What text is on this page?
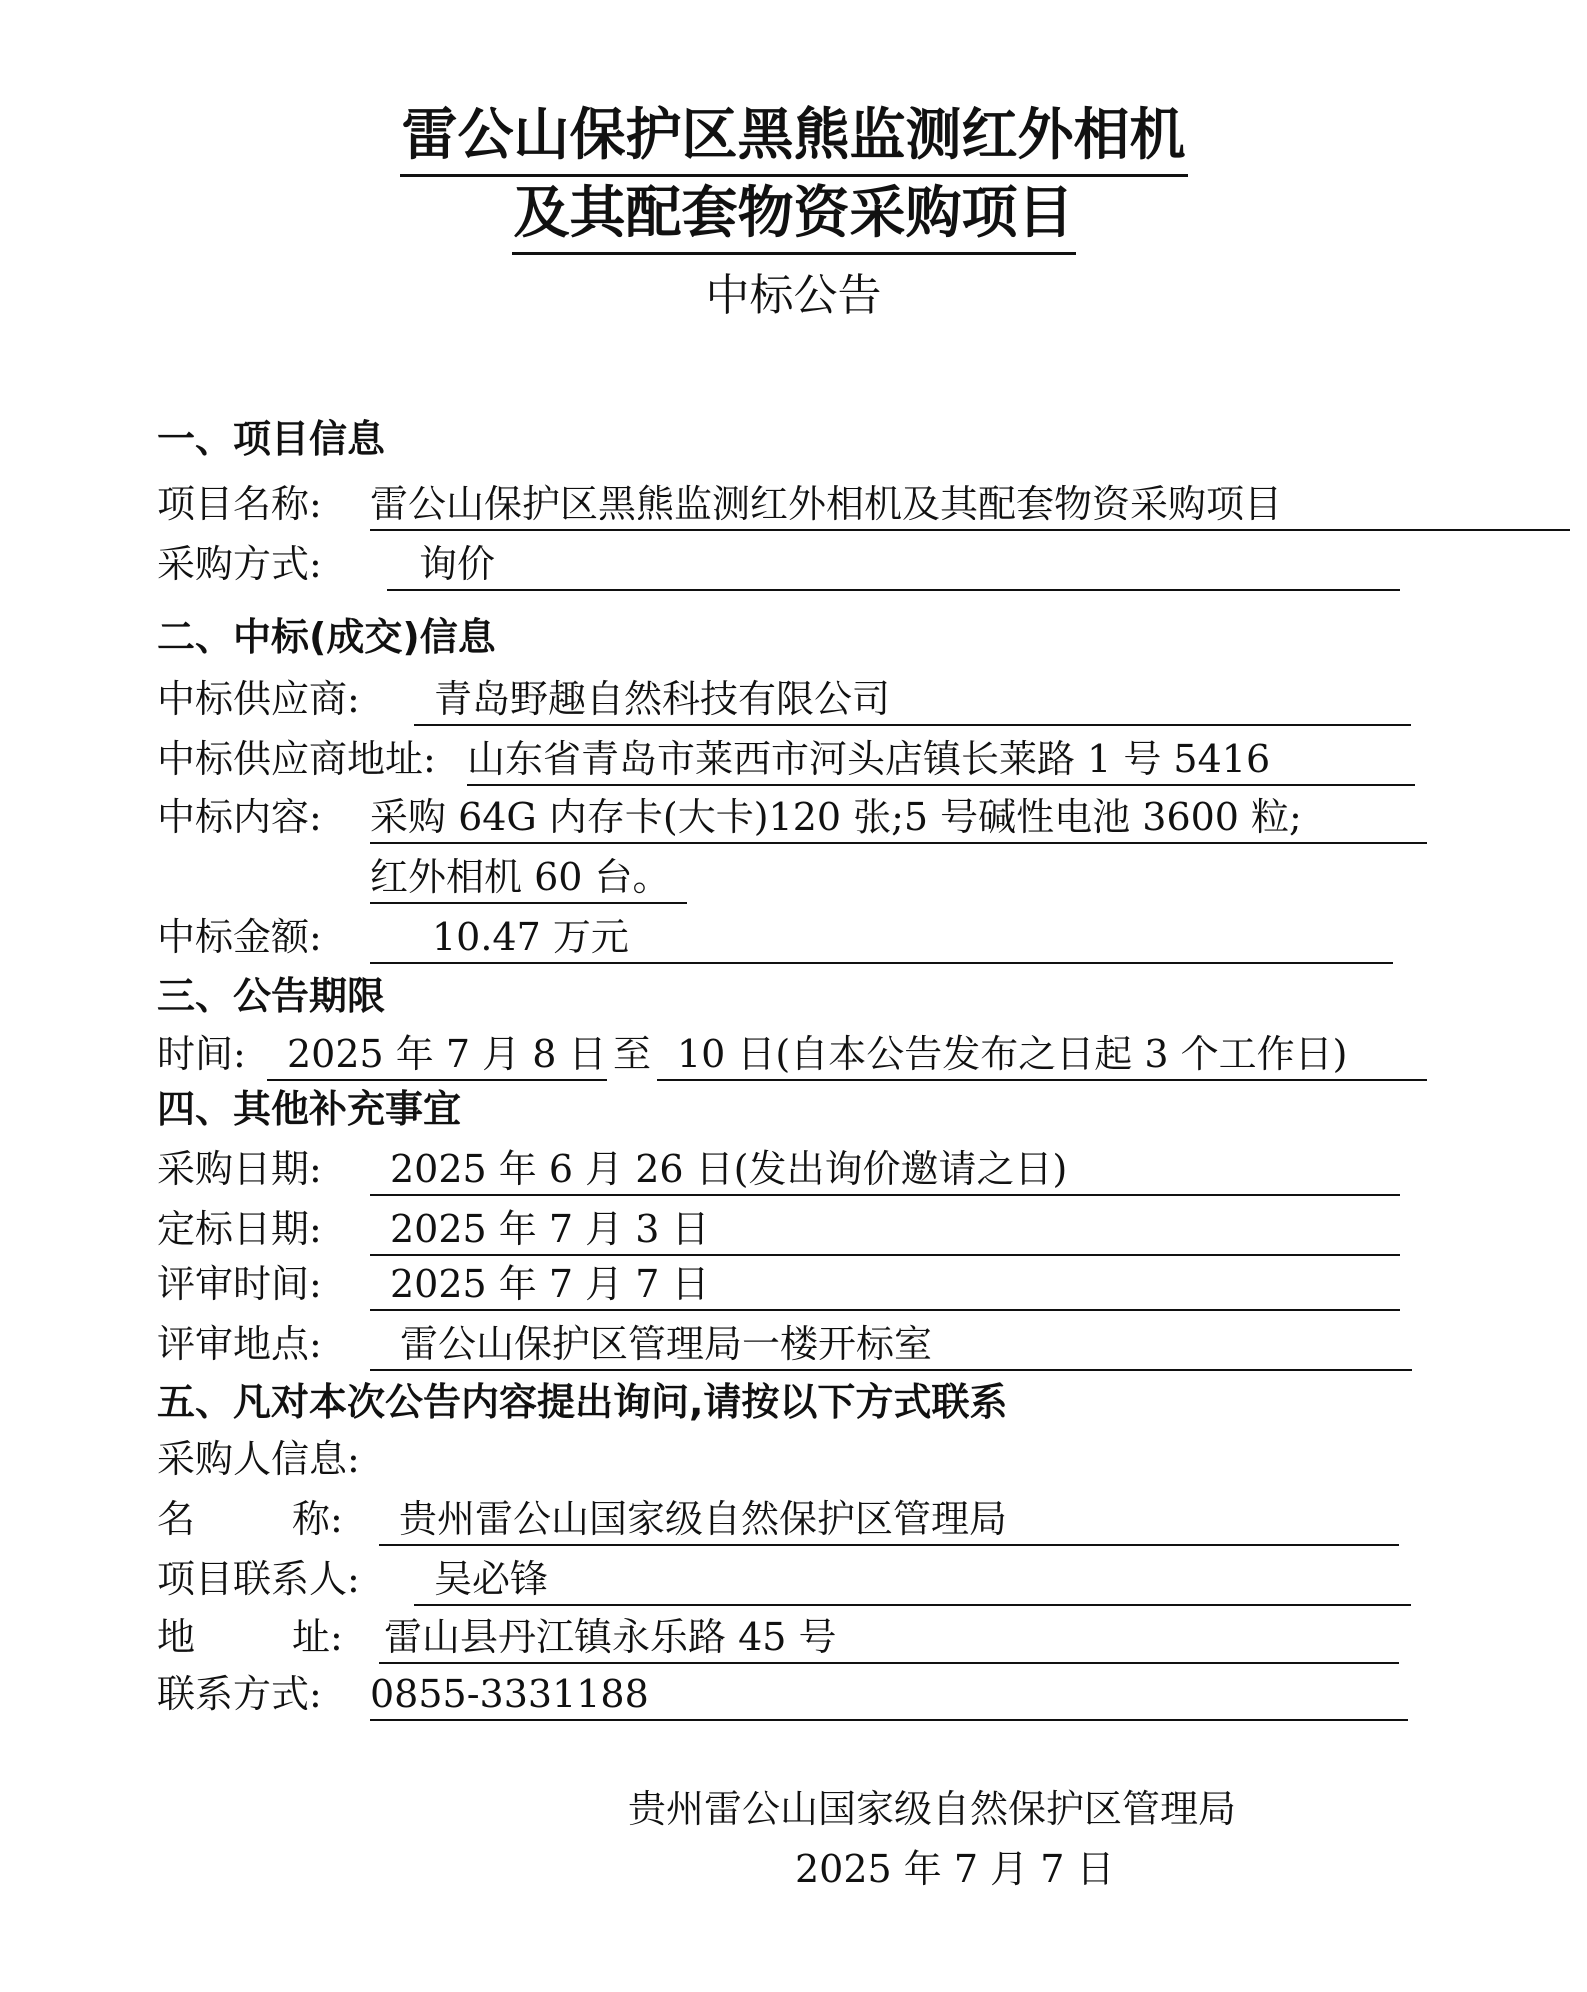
雷公山保护区黑熊监测红外相机
及其配套物资采购项目
中标公告
一、项目信息
项目名称: 雷公山保护区黑熊监测红外相机及其配套物资采购项目
采购方式:	询价
二、中标(成交)信息
中标供应商:	青岛野趣自然科技有限公司
中标供应商地址: 山东省青岛市莱西市河头店镇长莱路 1 号 5416
中标内容: 采购 64G 内存卡(大卡)120 张;5 号碱性电池 3600 粒;
红外相机 60 台。
中标金额:	10.47 万元
三、公告期限
时间:	2025 年 7 月 8 日 至 10 日(自本公告发布之日起 3 个工作日)
四、其他补充事宜
采购日期:	2025 年 6 月 26 日(发出询价邀请之日)
定标日期:	2025 年 7 月 3 日
评审时间:	2025 年 7 月 7 日
评审地点:	雷公山保护区管理局一楼开标室
五、凡对本次公告内容提出询问,请按以下方式联系
采购人信息:
名	称:	贵州雷公山国家级自然保护区管理局
项目联系人:	吴必锋
地	址: 雷山县丹江镇永乐路 45 号
联系方式: 0855-3331188
贵州雷公山国家级自然保护区管理局
2025 年 7 月 7 日
